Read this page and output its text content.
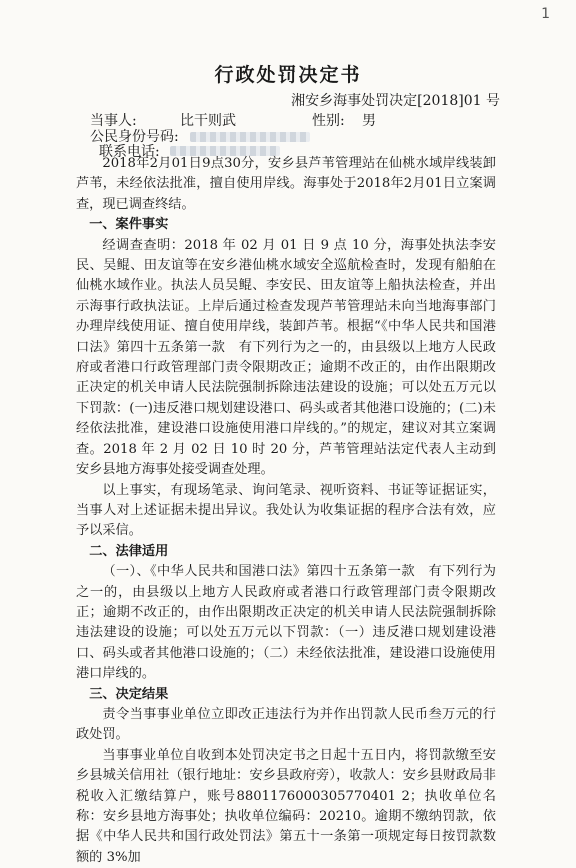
1
行政处罚决定书
湘安乡海事处罚决定[2018]01 号
当事人:	比干则武	性别: 男
公民身份号码:
联系电话:

2018年2月01日9点30分，安乡县芦苇管理站在仙桃水域岸线装卸芦苇，未经依法批准，擅自使用岸线。海事处于2018年2月01日立案调查，现已调查终结。

一、案件事实

经调查查明：2018 年 02 月 01 日 9 点 10 分，海事处执法李安民、吴鲲、田友谊等在安乡港仙桃水域安全巡航检查时，发现有船舶在仙桃水域作业。执法人员吴鲲、李安民、田友谊等上船执法检查，并出示海事行政执法证。上岸后通过检查发现芦苇管理站未向当地海事部门办理岸线使用证、擅自使用岸线，装卸芦苇。根据“《中华人民共和国港口法》第四十五条第一款　有下列行为之一的，由县级以上地方人民政府或者港口行政管理部门责令限期改正；逾期不改正的，由作出限期改正决定的机关申请人民法院强制拆除违法建设的设施；可以处五万元以下罚款：(一)违反港口规划建设港口、码头或者其他港口设施的；(二)未经依法批准，建设港口设施使用港口岸线的。”的规定，建议对其立案调查。2018 年 2 月 02 日 10 时 20 分，芦苇管理站法定代表人主动到安乡县地方海事处接受调查处理。

以上事实，有现场笔录、询问笔录、视听资料、书证等证据证实，当事人对上述证据未提出异议。我处认为收集证据的程序合法有效，应予以采信。

二、法律适用

（一）、《中华人民共和国港口法》第四十五条第一款　有下列行为之一的，由县级以上地方人民政府或者港口行政管理部门责令限期改正；逾期不改正的，由作出限期改正决定的机关申请人民法院强制拆除违法建设的设施；可以处五万元以下罚款：（一）违反港口规划建设港口、码头或者其他港口设施的；（二）未经依法批准，建设港口设施使用港口岸线的。

三、决定结果

责令当事事业单位立即改正违法行为并作出罚款人民币叁万元的行政处罚。

当事事业单位自收到本处罚决定书之日起十五日内，将罚款缴至安乡县城关信用社（银行地址：安乡县政府旁），收款人：安乡县财政局非税收入汇缴结算户，账号8801176000305770401 2；执收单位名称：安乡县地方海事处；执收单位编码：20210。逾期不缴纳罚款，依据《中华人民共和国行政处罚法》第五十一条第一项规定每日按罚款数额的 3%加
